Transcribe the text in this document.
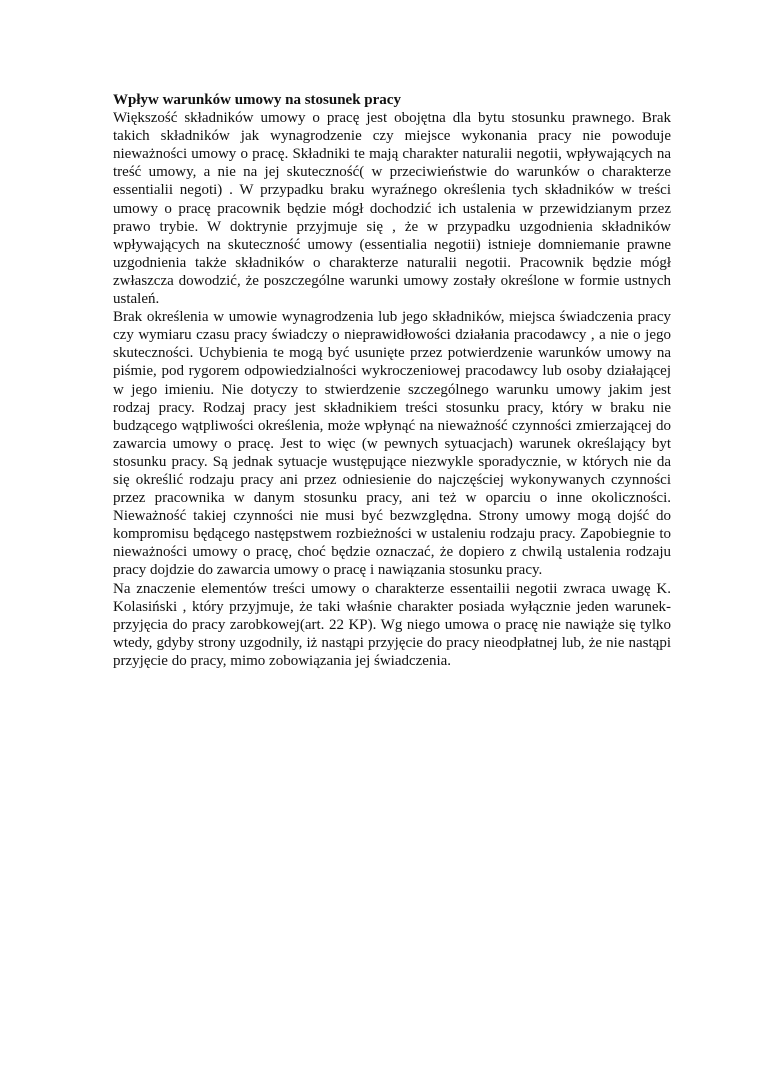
Wpływ warunków umowy na stosunek pracy

Większość składników umowy o pracę jest obojętna dla bytu stosunku prawnego. Brak takich składników jak wynagrodzenie czy miejsce wykonania pracy nie powoduje nieważności umowy o pracę. Składniki te mają charakter naturalii negotii, wpływających na treść umowy, a nie na jej skuteczność( w przeciwieństwie do warunków o charakterze essentialii negoti) . W przypadku braku wyraźnego określenia tych składników w treści umowy o pracę pracownik będzie mógł dochodzić ich ustalenia w przewidzianym przez prawo trybie. W doktrynie przyjmuje się , że w przypadku uzgodnienia składników wpływających na skuteczność umowy (essentialia negotii) istnieje domniemanie prawne uzgodnienia także składników o charakterze naturalii negotii. Pracownik będzie mógł zwłaszcza dowodzić, że poszczególne warunki umowy zostały określone w formie ustnych ustaleń.

Brak określenia w umowie wynagrodzenia lub jego składników, miejsca świadczenia pracy czy wymiaru czasu pracy świadczy o nieprawidłowości działania pracodawcy , a nie o jego skuteczności. Uchybienia te mogą być usunięte przez potwierdzenie warunków umowy na piśmie, pod rygorem odpowiedzialności wykroczeniowej pracodawcy lub osoby działającej w jego imieniu. Nie dotyczy to stwierdzenie szczególnego warunku umowy jakim jest rodzaj pracy. Rodzaj pracy jest składnikiem treści stosunku pracy, który w braku nie budzącego wątpliwości określenia, może wpłynąć na nieważność czynności zmierzającej do zawarcia umowy o pracę. Jest to więc (w pewnych sytuacjach) warunek określający byt stosunku pracy. Są jednak sytuacje wustępujące niezwykle sporadycznie, w których nie da się określić rodzaju pracy ani przez odniesienie do najczęściej wykonywanych czynności przez pracownika w danym stosunku pracy, ani też w oparciu o inne okoliczności. Nieważność takiej czynności nie musi być bezwzględna. Strony umowy mogą dojść do kompromisu będącego następstwem rozbieżności w ustaleniu rodzaju pracy. Zapobiegnie to nieważności umowy o pracę, choć będzie oznaczać, że dopiero z chwilą ustalenia rodzaju pracy dojdzie do zawarcia umowy o pracę i nawiązania stosunku pracy.

Na znaczenie elementów treści umowy o charakterze essentailii negotii zwraca uwagę K. Kolasiński , który przyjmuje, że taki właśnie charakter posiada wyłącznie jeden warunek- przyjęcia do pracy zarobkowej(art. 22 KP). Wg niego umowa o pracę nie nawiąże się tylko wtedy, gdyby strony uzgodnily, iż nastąpi przyjęcie do pracy nieodpłatnej lub, że nie nastąpi przyjęcie do pracy, mimo zobowiązania jej świadczenia.
